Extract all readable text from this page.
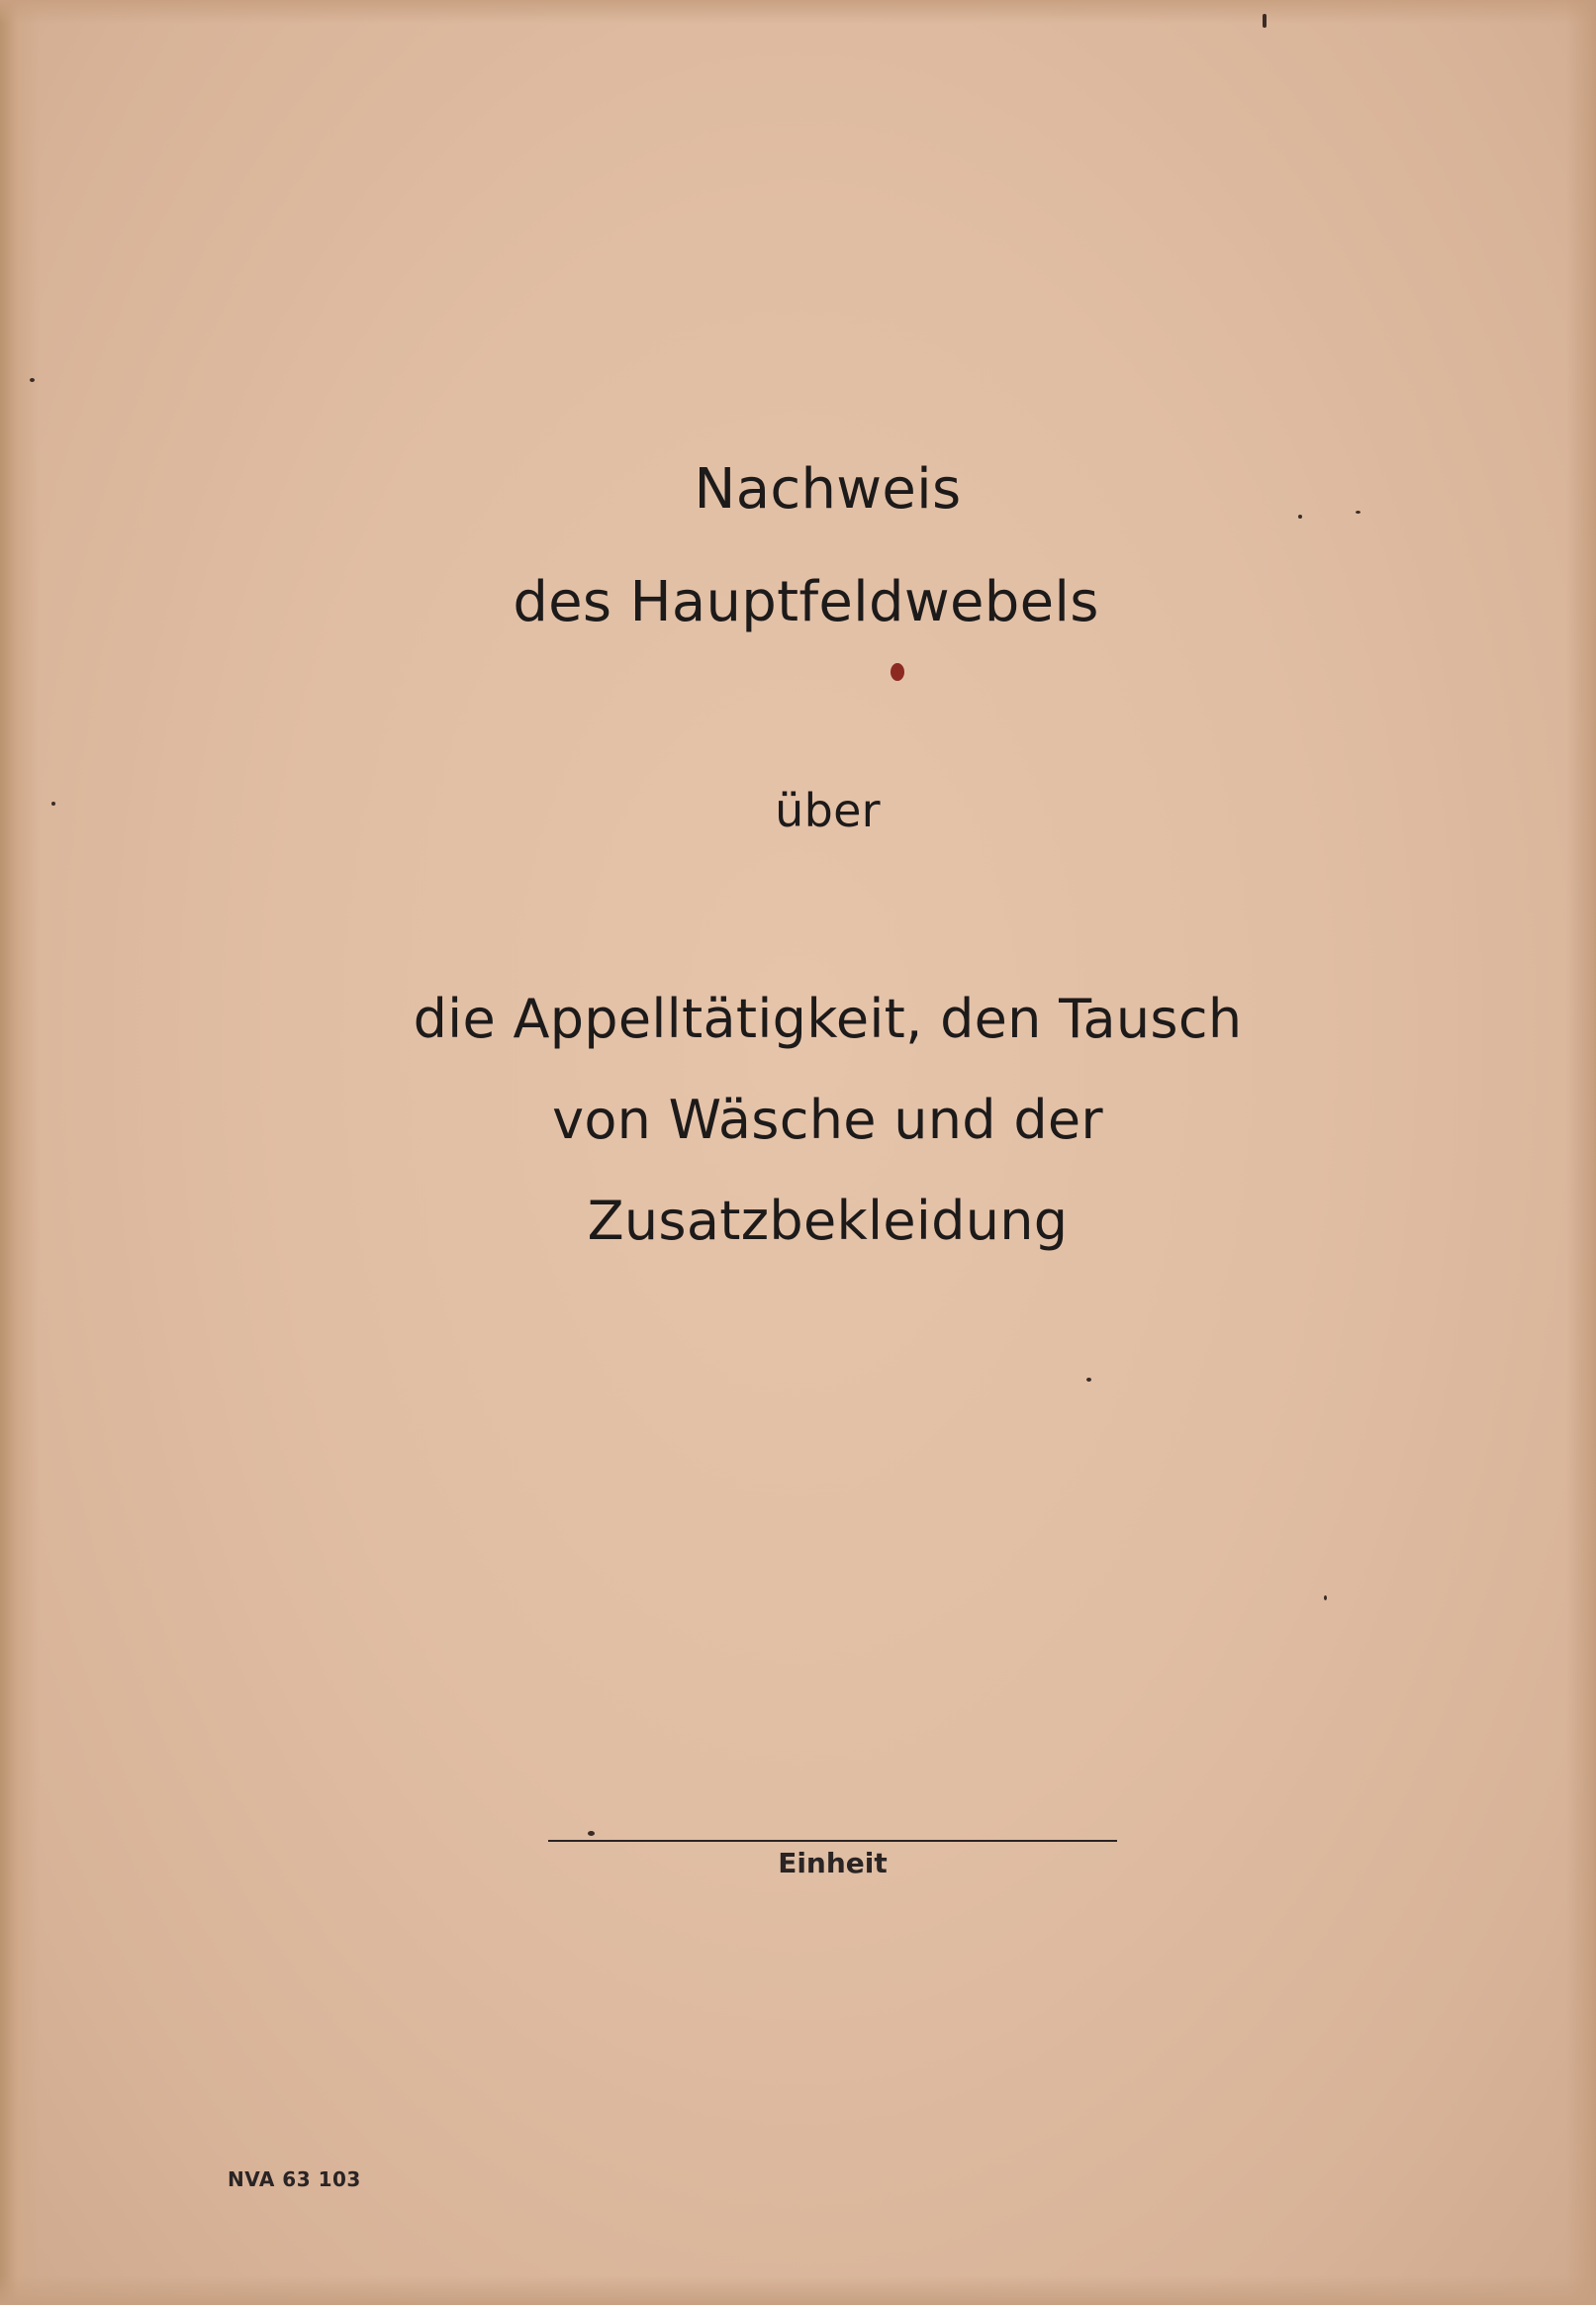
Nachweis
des Hauptfeldwebels
über
die Appelltätigkeit, den Tausch
von Wäsche und der
Zusatzbekleidung
Einheit
NVA 63 103
